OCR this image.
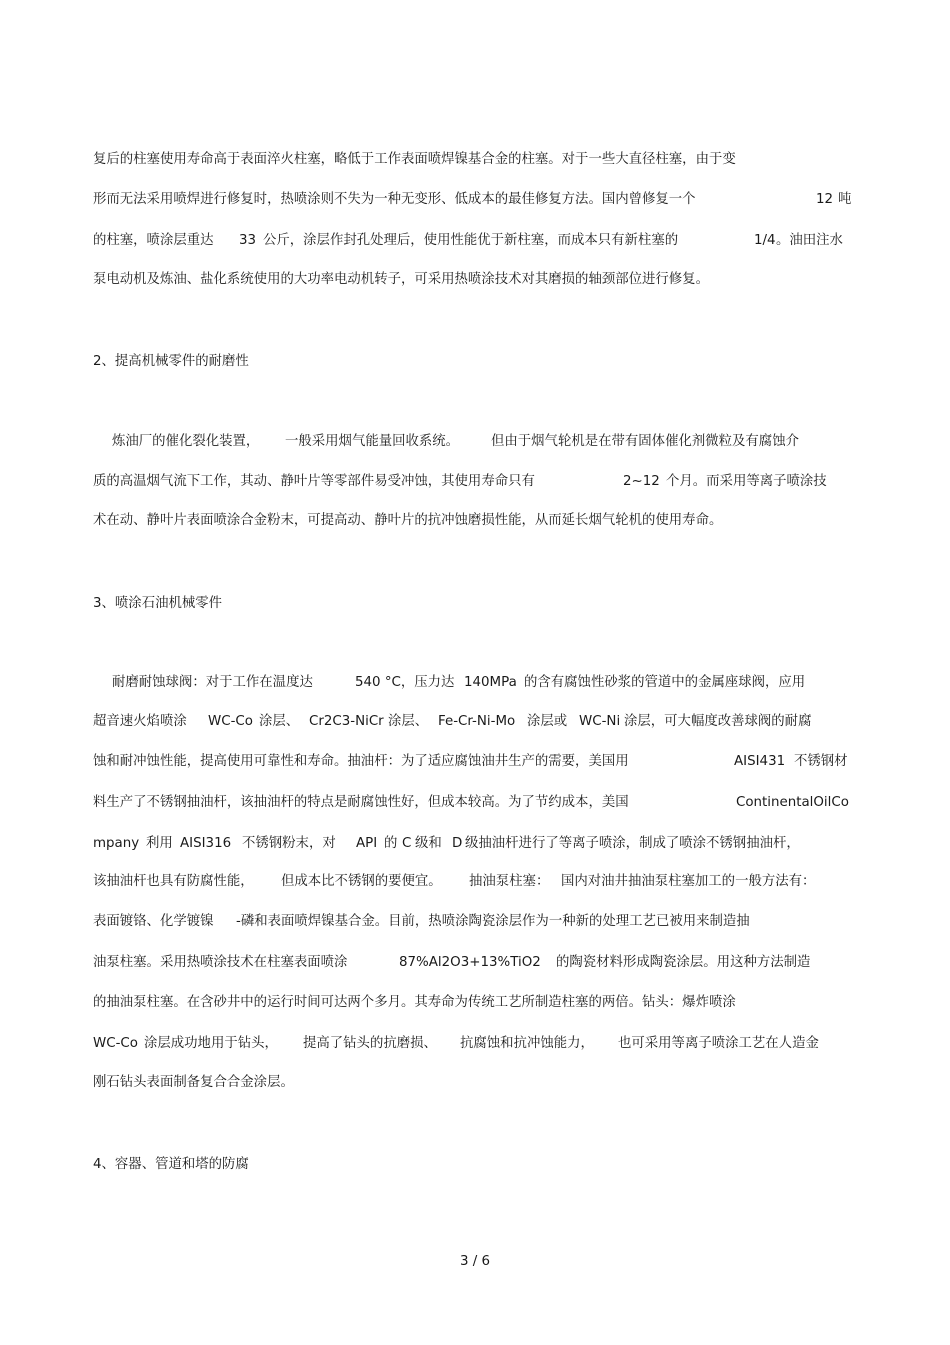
复后的柱塞使用寿命高于表面淬火柱塞，略低于工作表面喷焊镍基合金的柱塞。对于一些大直径柱塞，由于变
形而无法采用喷焊进行修复时，热喷涂则不失为一种无变形、低成本的最佳修复方法。国内曾修复一个	12 吨
的柱塞，喷涂层重达 33 公斤，涂层作封孔处理后，使用性能优于新柱塞，而成本只有新柱塞的	1/4 。油田注水
泵电动机及炼油、盐化系统使用的大功率电动机转子，可采用热喷涂技术对其磨损的轴颈部位进行修复。
2、提高机械零件的耐磨性
炼油厂的催化裂化装置， 一般采用烟气能量回收系统。 但由于烟气轮机是在带有固体催化剂微粒及有腐蚀介
质的高温烟气流下工作，其动、静叶片等零部件易受冲蚀，其使用寿命只有	2~12 个月。而采用等离子喷涂技
术在动、静叶片表面喷涂合金粉末，可提高动、静叶片的抗冲蚀磨损性能，从而延长烟气轮机的使用寿命。
3、喷涂石油机械零件
耐磨耐蚀球阀：对于工作在温度达	540 °C，压力达 140MPa 的含有腐蚀性砂浆的管道中的金属座球阀，应用
超音速火焰喷涂 WC-Co 涂层、 Cr2C3-NiCr 涂层、 Fe-Cr-Ni-Mo 涂层或 WC-Ni 涂层，可大幅度改善球阀的耐腐
蚀和耐冲蚀性能，提高使用可靠性和寿命。抽油杆：为了适应腐蚀油井生产的需要，美国用	AISI431 不锈钢材
料生产了不锈钢抽油杆，该抽油杆的特点是耐腐蚀性好，但成本较高。为了节约成本，美国	ContinentalOilCo
mpany 利用 AISI316 不锈钢粉末，对 API 的 C 级和 D 级抽油杆进行了等离子喷涂，制成了喷涂不锈钢抽油杆，
该抽油杆也具有防腐性能， 但成本比不锈钢的要便宜。 抽油泵柱塞： 国内对油井抽油泵柱塞加工的一般方法有：
表面镀铬、化学镀镍 -磷和表面喷焊镍基合金。目前，热喷涂陶瓷涂层作为一种新的处理工艺已被用来制造抽
油泵柱塞。采用热喷涂技术在柱塞表面喷涂	87%Al2O3+13%TiO2 的陶瓷材料形成陶瓷涂层。用这种方法制造
的抽油泵柱塞。在含砂井中的运行时间可达两个多月。其寿命为传统工艺所制造柱塞的两倍。钻头：爆炸喷涂
WC-Co 涂层成功地用于钻头， 提高了钻头的抗磨损、 抗腐蚀和抗冲蚀能力， 也可采用等离子喷涂工艺在人造金
刚石钻头表面制备复合合金涂层。
4、容器、管道和塔的防腐
3 / 6
